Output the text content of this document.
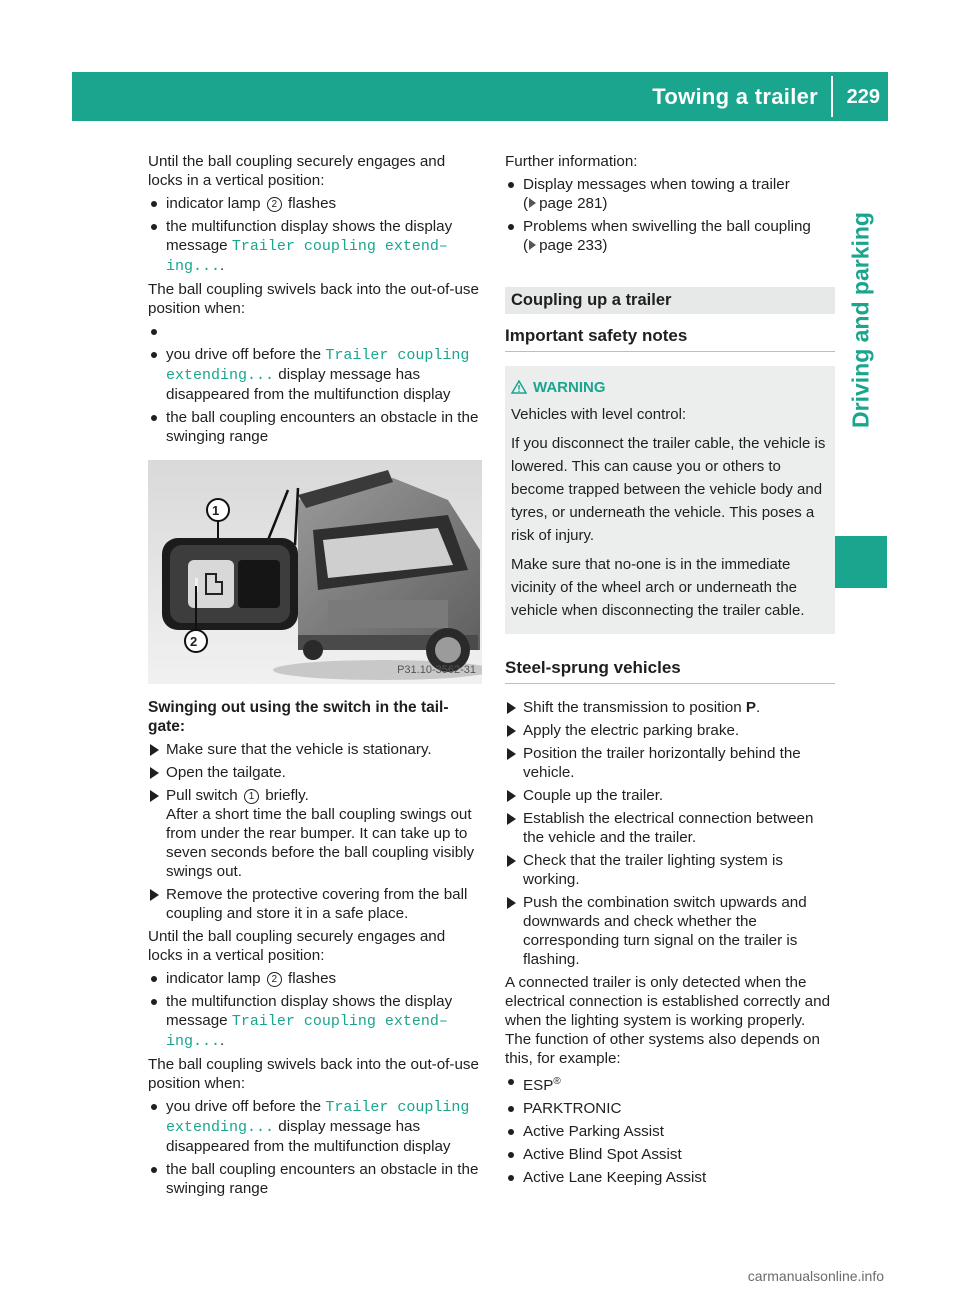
Towing a trailer 229
Driving and parking

Until the ball coupling securely engages and locks in a vertical position:

indicator lamp 2 flashes
the multifunction display shows the display message Trailer coupling extend– ing....

The ball coupling swivels back into the out-of-use position when:

you drive off before the Trailer coupling extending... display message has disappeared from the multifunction display
the ball coupling encounters an obstacle in the swinging range
1
2
P31.10-3562-31

Swinging out using the switch in the tail- gate:

Make sure that the vehicle is stationary.
Open the tailgate.
Pull switch 1 briefly.
After a short time the ball coupling swings out from under the rear bumper. It can take up to seven seconds before the ball coupling visibly swings out.
Remove the protective covering from the ball coupling and store it in a safe place.

Until the ball coupling securely engages and locks in a vertical position:

indicator lamp 2 flashes
the multifunction display shows the display message Trailer coupling extend– ing....

The ball coupling swivels back into the out-of-use position when:

you drive off before the Trailer coupling extending... display message has disappeared from the multifunction display
the ball coupling encounters an obstacle in the swinging range

Further information:

Display messages when towing a trailer
( page 281)
Problems when swivelling the ball coupling
( page 233)
Coupling up a trailer
Important safety notes
WARNING

Vehicles with level control:

If you disconnect the trailer cable, the vehicle is lowered. This can cause you or others to become trapped between the vehicle body and tyres, or underneath the vehicle. This poses a risk of injury.

Make sure that no-one is in the immediate vicinity of the wheel arch or underneath the vehicle when disconnecting the trailer cable.

Steel-sprung vehicles
Shift the transmission to position P.
Apply the electric parking brake.
Position the trailer horizontally behind the vehicle.
Couple up the trailer.
Establish the electrical connection between the vehicle and the trailer.
Check that the trailer lighting system is working.
Push the combination switch upwards and downwards and check whether the corresponding turn signal on the trailer is flashing.

A connected trailer is only detected when the electrical connection is established correctly and when the lighting system is working properly. The function of other systems also depends on this, for example:

ESP®
PARKTRONIC
Active Parking Assist
Active Blind Spot Assist
Active Lane Keeping Assist
carmanualsonline.info
